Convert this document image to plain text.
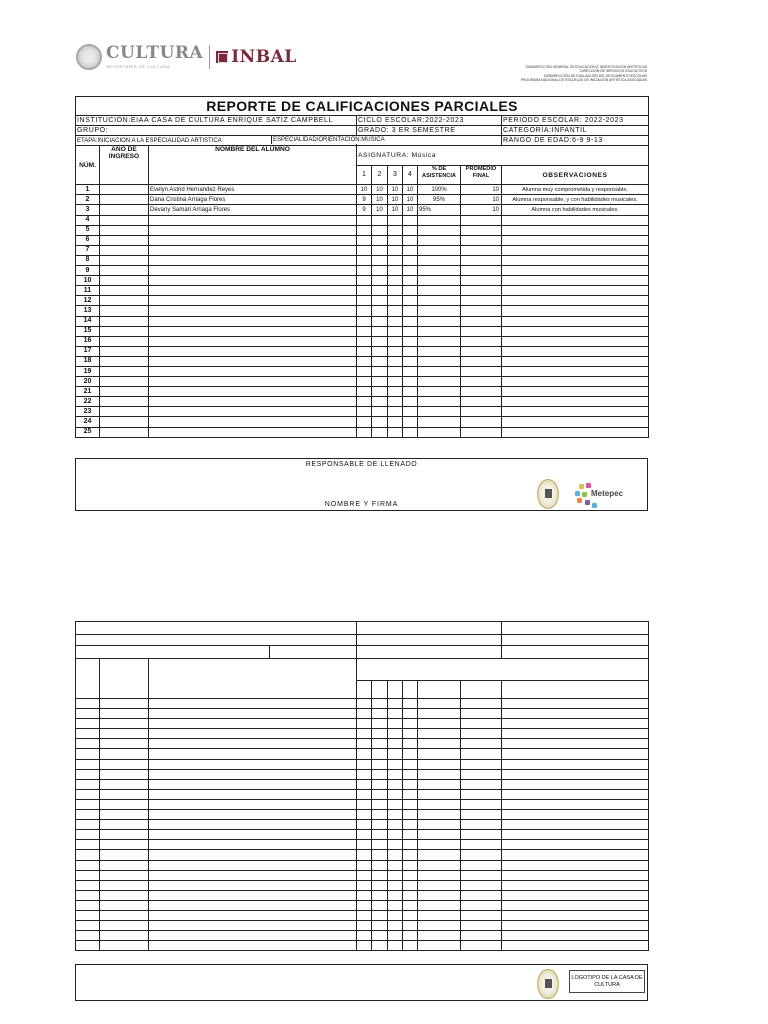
CULTURA
SECRETARÍA DE CULTURA	INBAL	SUBDIRECCIÓN GENERAL DE EDUCACIÓN E INVESTIGACIÓN ARTÍSTICAS
DIRECCIÓN DE SERVICIOS EDUCATIVOS
SUBDIRECCIÓN DE EVALUACIÓN DEL SEGUIMIENTO ESCOLAR
PROGRAMA NACIONAL DE ESCUELAS DE INICIACIÓN ARTÍSTICA ASOCIADAS
REPORTE DE CALIFICACIONES PARCIALES									
INSTITUCIÓN:EIAA CASA DE CULTURA ENRIQUE SATIZ CAMPBELL			CICLO ESCOLAR:2022-2023						PERIODO ESCOLAR: 2022-2023
GRUPO:			GRADO: 3 ER SEMESTRE						CATEGORÍA:INFANTIL
ETAPA:INICIACION A LA ESPECIALIDAD ARTISTICA ESPECIALIDAD/ORIENTACIÓN:MÚSICA									RANGO DE EDAD:6-9 9-13
NÚM.	AÑO DE INGRESO	NOMBRE DEL ALUMNO	ASIGNATURA: Música						
			1	2	3	4	% DE ASISTENCIA	PROMEDIO FINAL	OBSERVACIONES
1		Evelyn Astrid Hernandez Reyes	10	10	10	10	100%	10	Alumna muy comprometida y responsable.
2		Dana Cristina Arriaga Flores	9	10	10	10	95%	10	Alumna responsable, y con habilidades musicales.
3		Devany Samari Arriaga Flores	9	10	10	10	95%	10	Alumna con habilidades musicales.
4									
5									
6									
7									
8									
9									
10									
11									
12									
13									
14									
15									
16									
17									
18									
19									
20									
21									
22									
23									
24									
25									
RESPONSABLE DE LLENADO
NOMBRE Y FIRMA
Metepec

LOGOTIPO DE LA CASA DE CULTURA
